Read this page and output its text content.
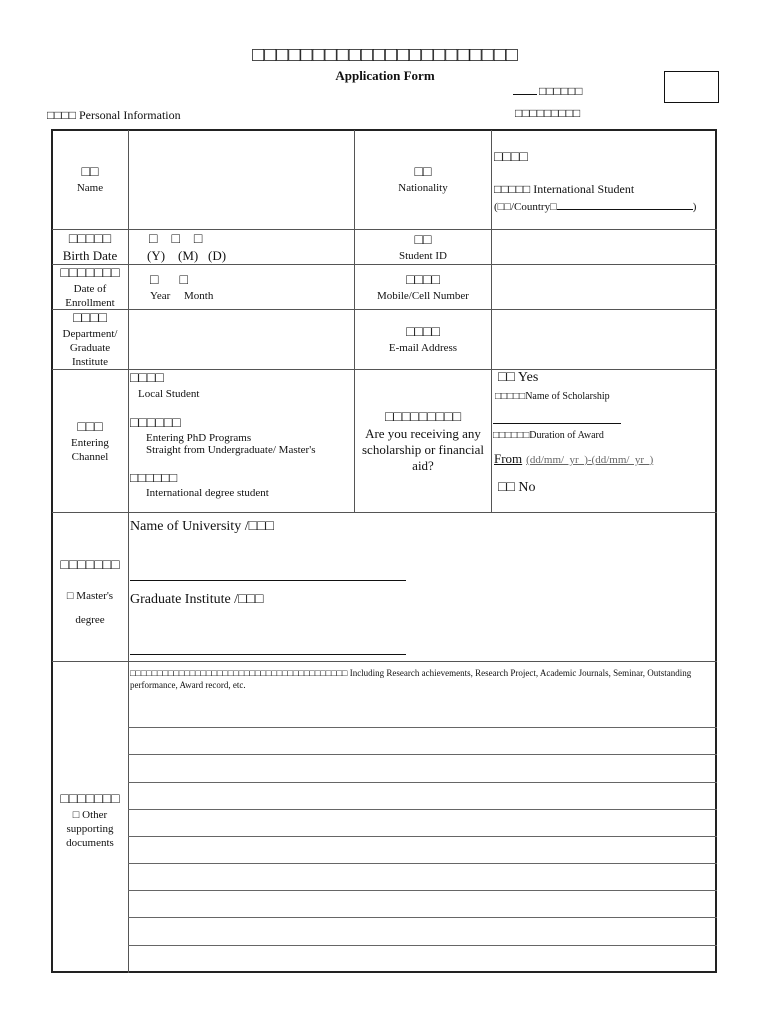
□□□□□□□□□□□□□□□□□□□□□□
Application Form
□□□□□□
□□□□□□□□□
□□□□ Personal Information
□□
Name
□□
Nationality
□□□□
□□□□□ International Student
(□□/Country□	)
□□□□□
Birth Date
□    □    □
(Y)    (M)   (D)
□□
Student ID
□□□□□□□
Date of Enrollment
□      □
Year     Month
□□□□
Mobile/Cell Number
□□□□
Department/ Graduate Institute
□□□□
E-mail Address
□□□
Entering Channel
□□□□
Local Student
□□□□□□
Entering PhD Programs
Straight from Undergraduate/ Master's
□□□□□□
International degree student
□□□□□□□□□
Are you receiving any scholarship or financial aid?
□□ Yes
□□□□□Name of Scholarship
□□□□□□Duration of Award
From (dd/mm/  yr  )-(dd/mm/  yr  )
□□ No
□□□□□□□
□ Master's degree
Name of University /□□□
Graduate Institute /□□□
□□□□□□□
□ Other supporting documents
□□□□□□□□□□□□□□□□□□□□□□□□□□□□□□□□□□□□□□□□ Including Research achievements, Research Project, Academic Journals, Seminar, Outstanding performance, Award record, etc.
